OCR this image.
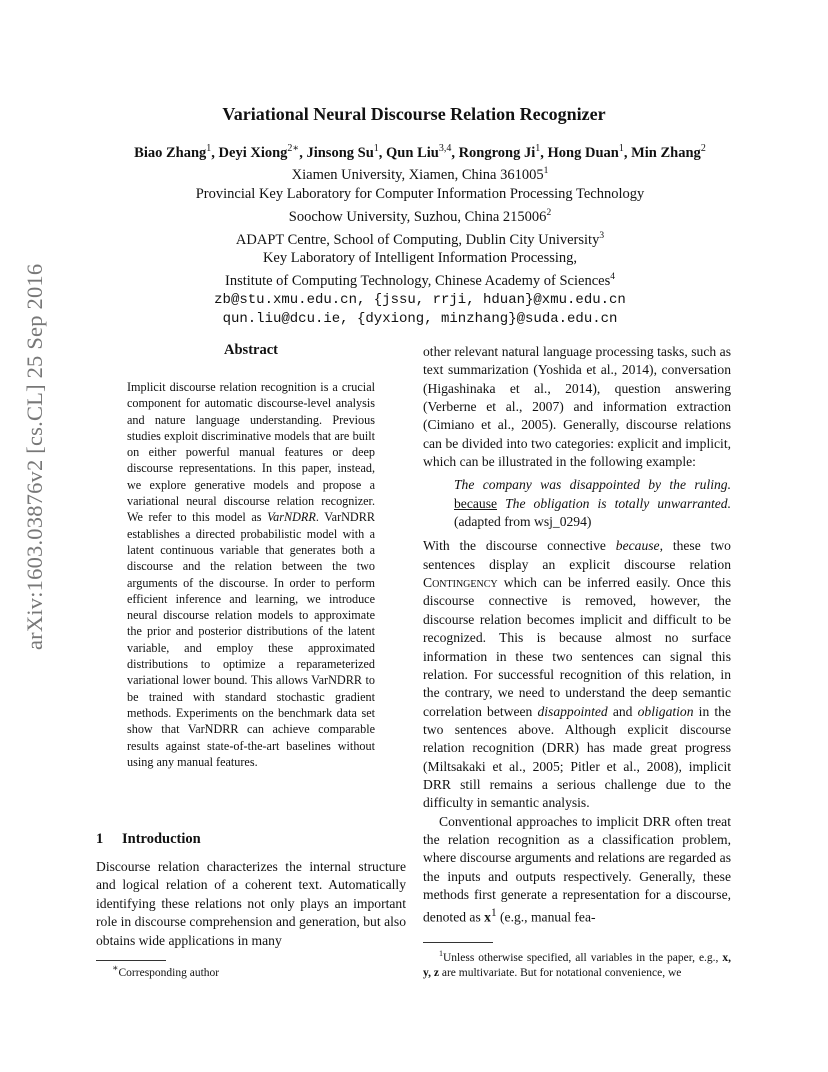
arXiv:1603.03876v2 [cs.CL] 25 Sep 2016
Variational Neural Discourse Relation Recognizer
Biao Zhang$^1$, Deyi Xiong$^{2∗}$, Jinsong Su$^1$, Qun Liu$^{3,4}$, Rongrong Ji$^1$, Hong Duan$^1$, Min Zhang$^2$
Xiamen University, Xiamen, China 361005$^1$
Provincial Key Laboratory for Computer Information Processing Technology
Soochow University, Suzhou, China 215006$^2$
ADAPT Centre, School of Computing, Dublin City University$^3$
Key Laboratory of Intelligent Information Processing,
Institute of Computing Technology, Chinese Academy of Sciences$^4$
zb@stu.xmu.edu.cn, {jssu, rrji, hduan}@xmu.edu.cn
qun.liu@dcu.ie, {dyxiong, minzhang}@suda.edu.cn
Abstract
Implicit discourse relation recognition is a crucial component for automatic discourse-level analysis and nature language understanding. Previous studies exploit discriminative models that are built on either powerful manual features or deep discourse representations. In this paper, instead, we explore generative models and propose a variational neural discourse relation recognizer. We refer to this model as VarNDRR. VarNDRR establishes a directed probabilistic model with a latent continuous variable that generates both a discourse and the relation between the two arguments of the discourse. In order to perform efficient inference and learning, we introduce neural discourse relation models to approximate the prior and posterior distributions of the latent variable, and employ these approximated distributions to optimize a reparameterized variational lower bound. This allows VarNDRR to be trained with standard stochastic gradient methods. Experiments on the benchmark data set show that VarNDRR can achieve comparable results against state-of-the-art baselines without using any manual features.
1 Introduction
Discourse relation characterizes the internal structure and logical relation of a coherent text. Automatically identifying these relations not only plays an important role in discourse comprehension and generation, but also obtains wide applications in many
∗Corresponding author

other relevant natural language processing tasks, such as text summarization (Yoshida et al., 2014), conversation (Higashinaka et al., 2014), question answering (Verberne et al., 2007) and information extraction (Cimiano et al., 2005). Generally, discourse relations can be divided into two categories: explicit and implicit, which can be illustrated in the following example:

The company was disappointed by the ruling. because The obligation is totally unwarranted. (adapted from wsj_0294)

With the discourse connective because, these two sentences display an explicit discourse relation Contingency which can be inferred easily. Once this discourse connective is removed, however, the discourse relation becomes implicit and difficult to be recognized. This is because almost no surface information in these two sentences can signal this relation. For successful recognition of this relation, in the contrary, we need to understand the deep semantic correlation between disappointed and obligation in the two sentences above. Although explicit discourse relation recognition (DRR) has made great progress (Miltsakaki et al., 2005; Pitler et al., 2008), implicit DRR still remains a serious challenge due to the difficulty in semantic analysis.

Conventional approaches to implicit DRR often treat the relation recognition as a classification problem, where discourse arguments and relations are regarded as the inputs and outputs respectively. Generally, these methods first generate a representation for a discourse, denoted as $x^1$ (e.g., manual fea-

$^1$Unless otherwise specified, all variables in the paper, e.g., x, y, z are multivariate. But for notational convenience, we
